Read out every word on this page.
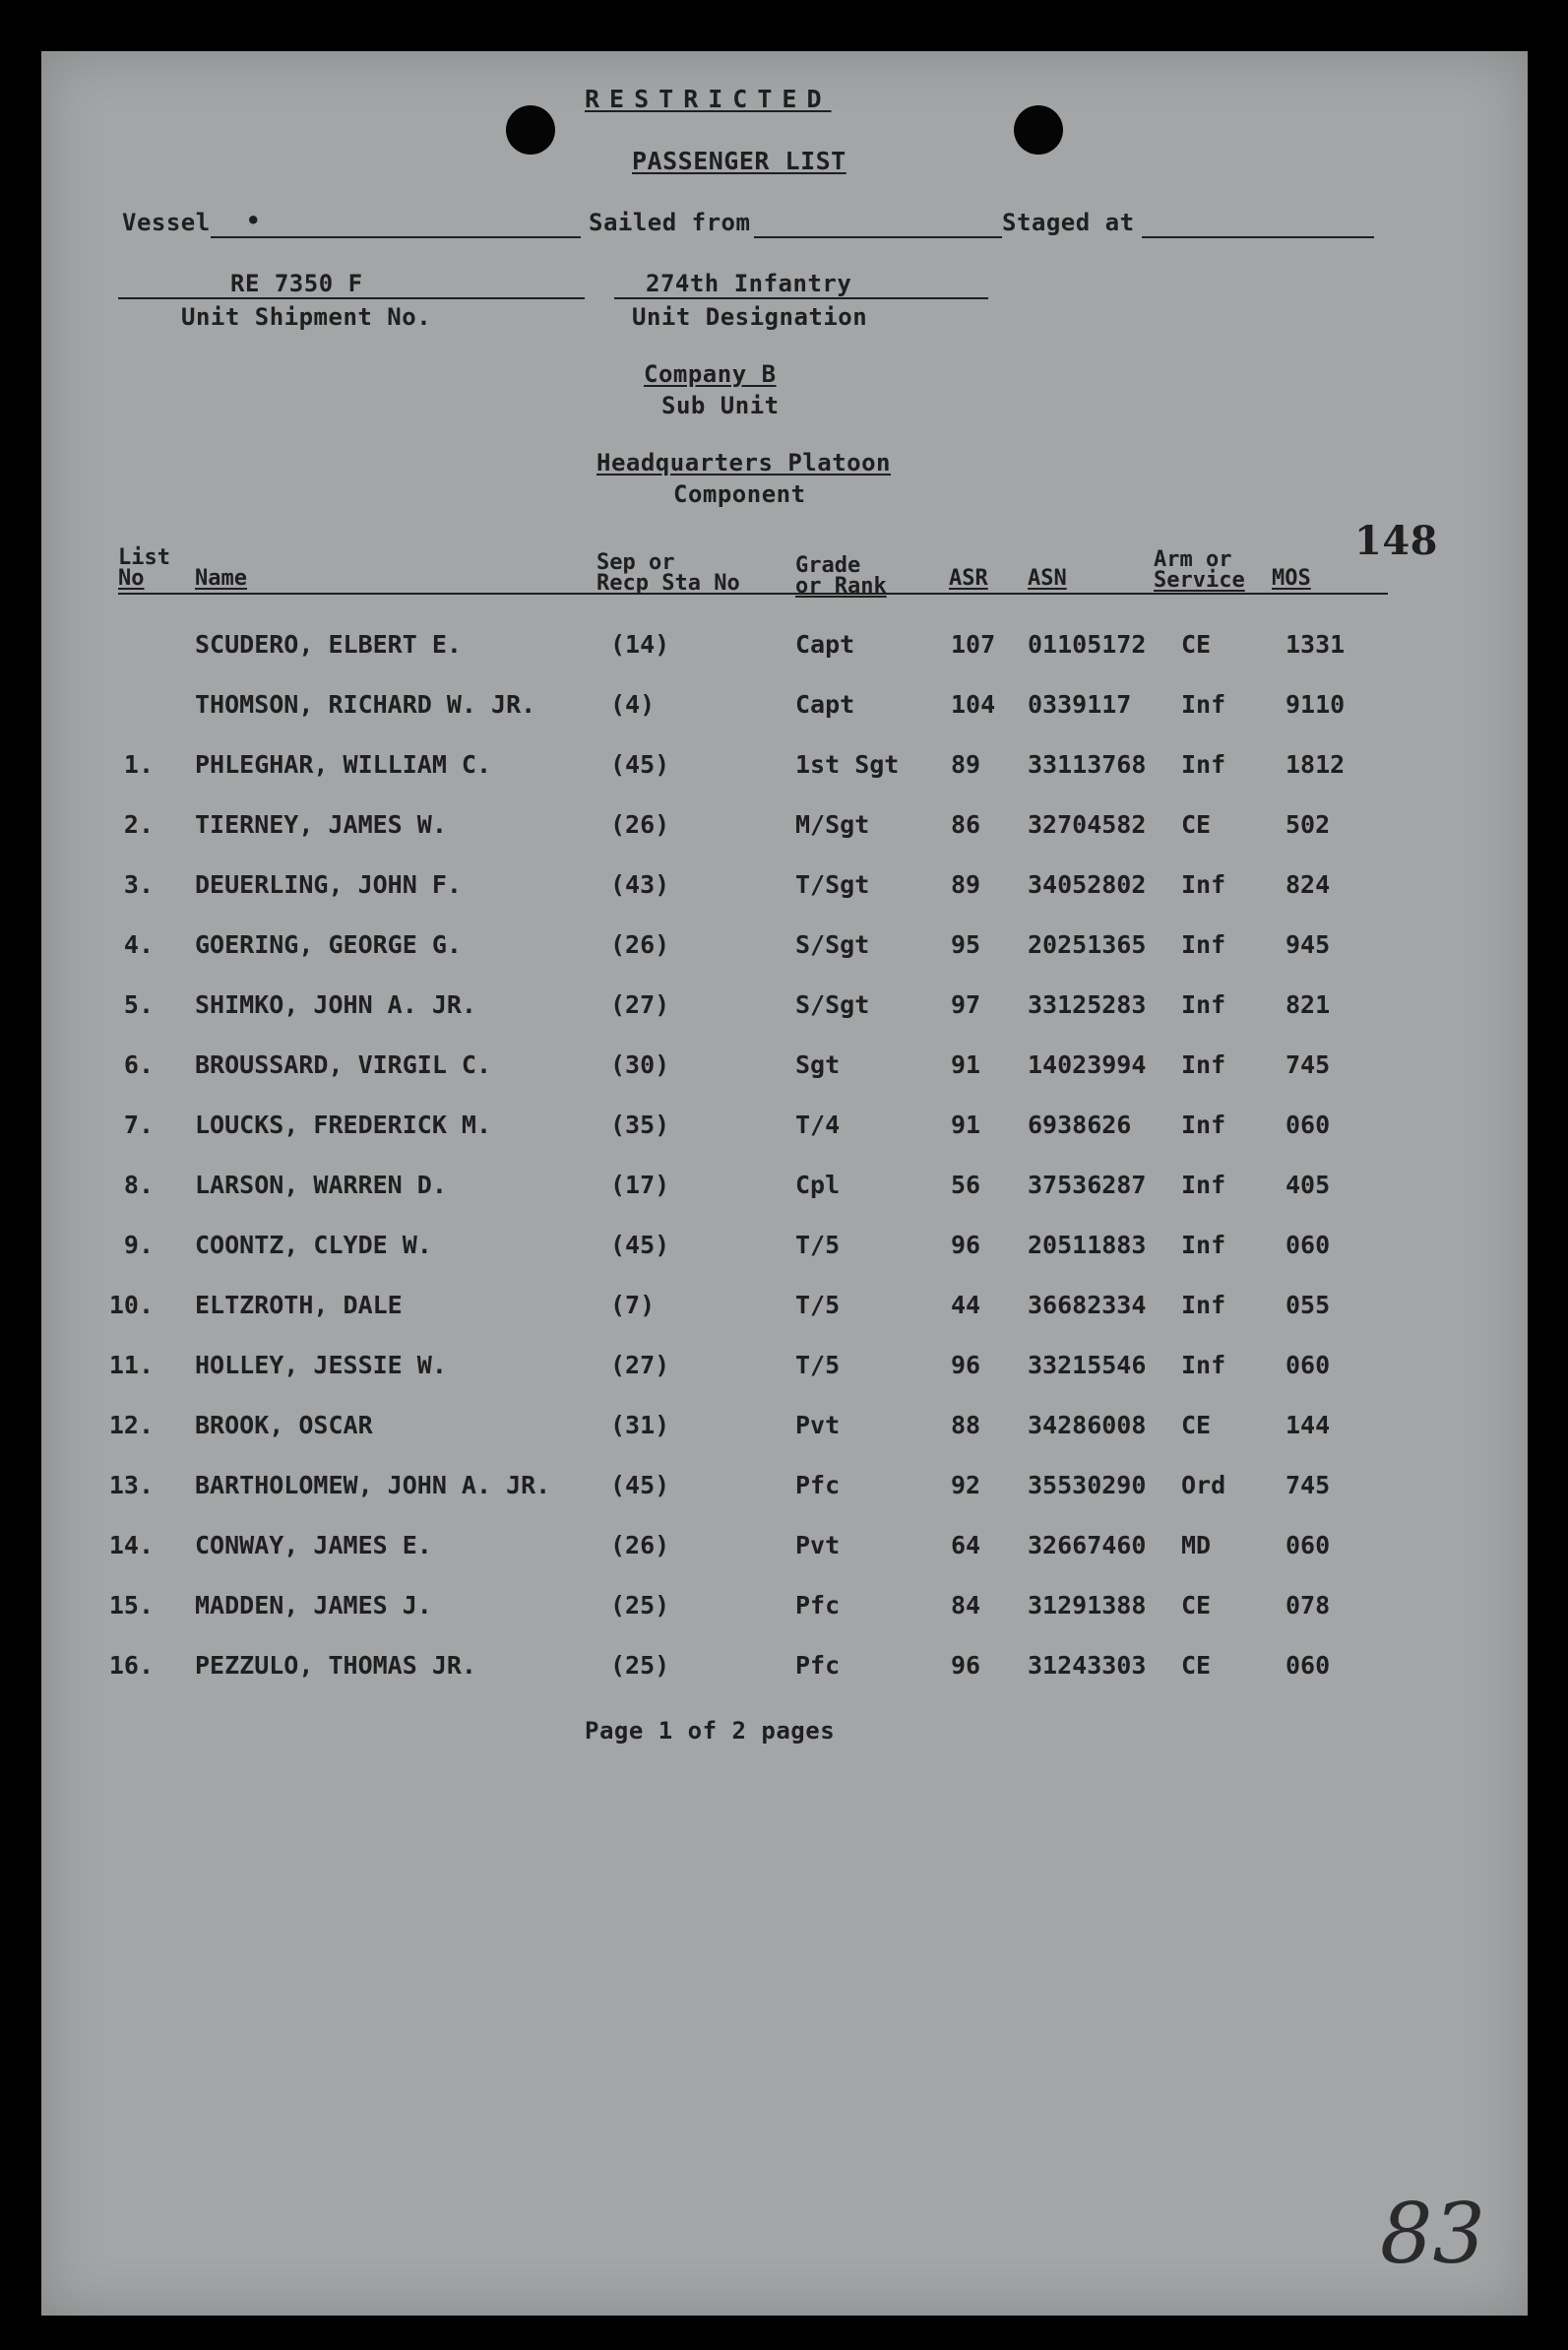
RESTRICTED
PASSENGER LIST
Vessel •	Sailed from	Staged at
RE 7350 F
Unit Shipment No.
274th Infantry
Unit Designation
Company B
Sub Unit
Headquarters Platoon
Component
148
List
No	Name
Sep or
Recp Sta No
Grade
or Rank	ASR ASN
Arm or
Service MOS
SCUDERO, ELBERT E.	(14)	Capt	107 01105172 CE	1331
THOMSON, RICHARD W. JR.	(4)	Capt	104 0339117 Inf 9110
1. PHLEGHAR, WILLIAM C.	(45)	1st Sgt 89 33113768 Inf 1812
2. TIERNEY, JAMES W.	(26)	M/Sgt	86 32704582 CE	502
3. DEUERLING, JOHN F.	(43)	T/Sgt	89 34052802 Inf 824
4. GOERING, GEORGE G.	(26)	S/Sgt	95 20251365 Inf 945
5. SHIMKO, JOHN A. JR.	(27)	S/Sgt	97 33125283 Inf 821
6. BROUSSARD, VIRGIL C.	(30)	Sgt	91 14023994 Inf 745
7. LOUCKS, FREDERICK M.	(35)	T/4	91 6938626 Inf 060
8. LARSON, WARREN D.	(17)	Cpl	56 37536287 Inf 405
9. COONTZ, CLYDE W.	(45)	T/5	96 20511883 Inf 060
10. ELTZROTH, DALE	(7)	T/5	44 36682334 Inf 055
11. HOLLEY, JESSIE W.	(27)	T/5	96 33215546 Inf 060
12. BROOK, OSCAR	(31)	Pvt	88 34286008 CE	144
13. BARTHOLOMEW, JOHN A. JR. (45)	Pfc	92 35530290 Ord 745
14. CONWAY, JAMES E.	(26)	Pvt	64 32667460 MD	060
15. MADDEN, JAMES J.	(25)	Pfc	84 31291388 CE	078
16. PEZZULO, THOMAS JR.	(25)	Pfc	96 31243303 CE	060
Page 1 of 2 pages
83
